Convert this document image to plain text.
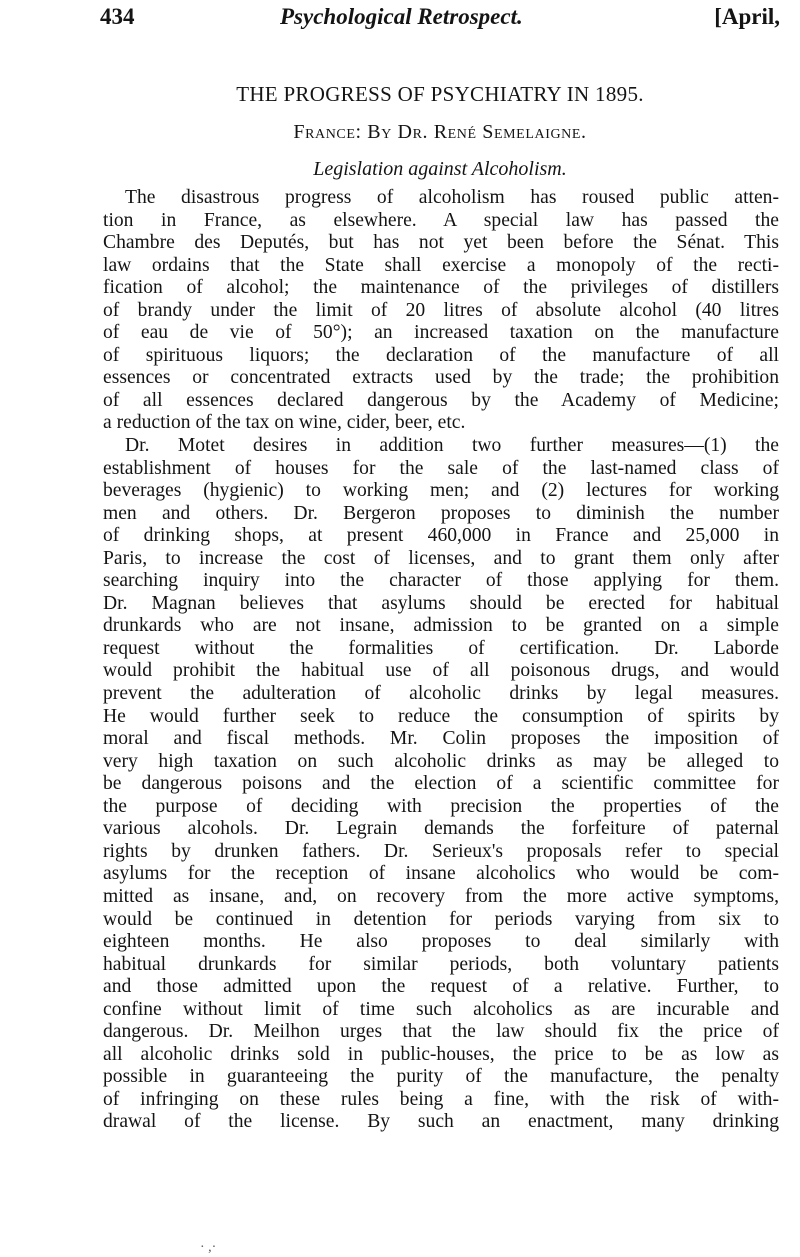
434	Psychological Retrospect.	[April,
THE PROGRESS OF PSYCHIATRY IN 1895.
France: By Dr. René Semelaigne.
Legislation against Alcoholism.
The disastrous progress of alcoholism has roused public atten-
tion in France, as elsewhere. A special law has passed the
Chambre des Deputés, but has not yet been before the Sénat. This
law ordains that the State shall exercise a monopoly of the recti-
fication of alcohol; the maintenance of the privileges of distillers
of brandy under the limit of 20 litres of absolute alcohol (40 litres
of eau de vie of 50°); an increased taxation on the manufacture
of spirituous liquors; the declaration of the manufacture of all
essences or concentrated extracts used by the trade; the prohibition
of all essences declared dangerous by the Academy of Medicine;
a reduction of the tax on wine, cider, beer, etc.
Dr. Motet desires in addition two further measures—(1) the
establishment of houses for the sale of the last-named class of
beverages (hygienic) to working men; and (2) lectures for working
men and others. Dr. Bergeron proposes to diminish the number
of drinking shops, at present 460,000 in France and 25,000 in
Paris, to increase the cost of licenses, and to grant them only after
searching inquiry into the character of those applying for them.
Dr. Magnan believes that asylums should be erected for habitual
drunkards who are not insane, admission to be granted on a simple
request without the formalities of certification. Dr. Laborde
would prohibit the habitual use of all poisonous drugs, and would
prevent the adulteration of alcoholic drinks by legal measures.
He would further seek to reduce the consumption of spirits by
moral and fiscal methods. Mr. Colin proposes the imposition of
very high taxation on such alcoholic drinks as may be alleged to
be dangerous poisons and the election of a scientific committee for
the purpose of deciding with precision the properties of the
various alcohols. Dr. Legrain demands the forfeiture of paternal
rights by drunken fathers. Dr. Serieux's proposals refer to special
asylums for the reception of insane alcoholics who would be com-
mitted as insane, and, on recovery from the more active symptoms,
would be continued in detention for periods varying from six to
eighteen months. He also proposes to deal similarly with
habitual drunkards for similar periods, both voluntary patients
and those admitted upon the request of a relative. Further, to
confine without limit of time such alcoholics as are incurable and
dangerous. Dr. Meilhon urges that the law should fix the price of
all alcoholic drinks sold in public-houses, the price to be as low as
possible in guaranteeing the purity of the manufacture, the penalty
of infringing on these rules being a fine, with the risk of with-
drawal of the license. By such an enactment, many drinking
· ,·
